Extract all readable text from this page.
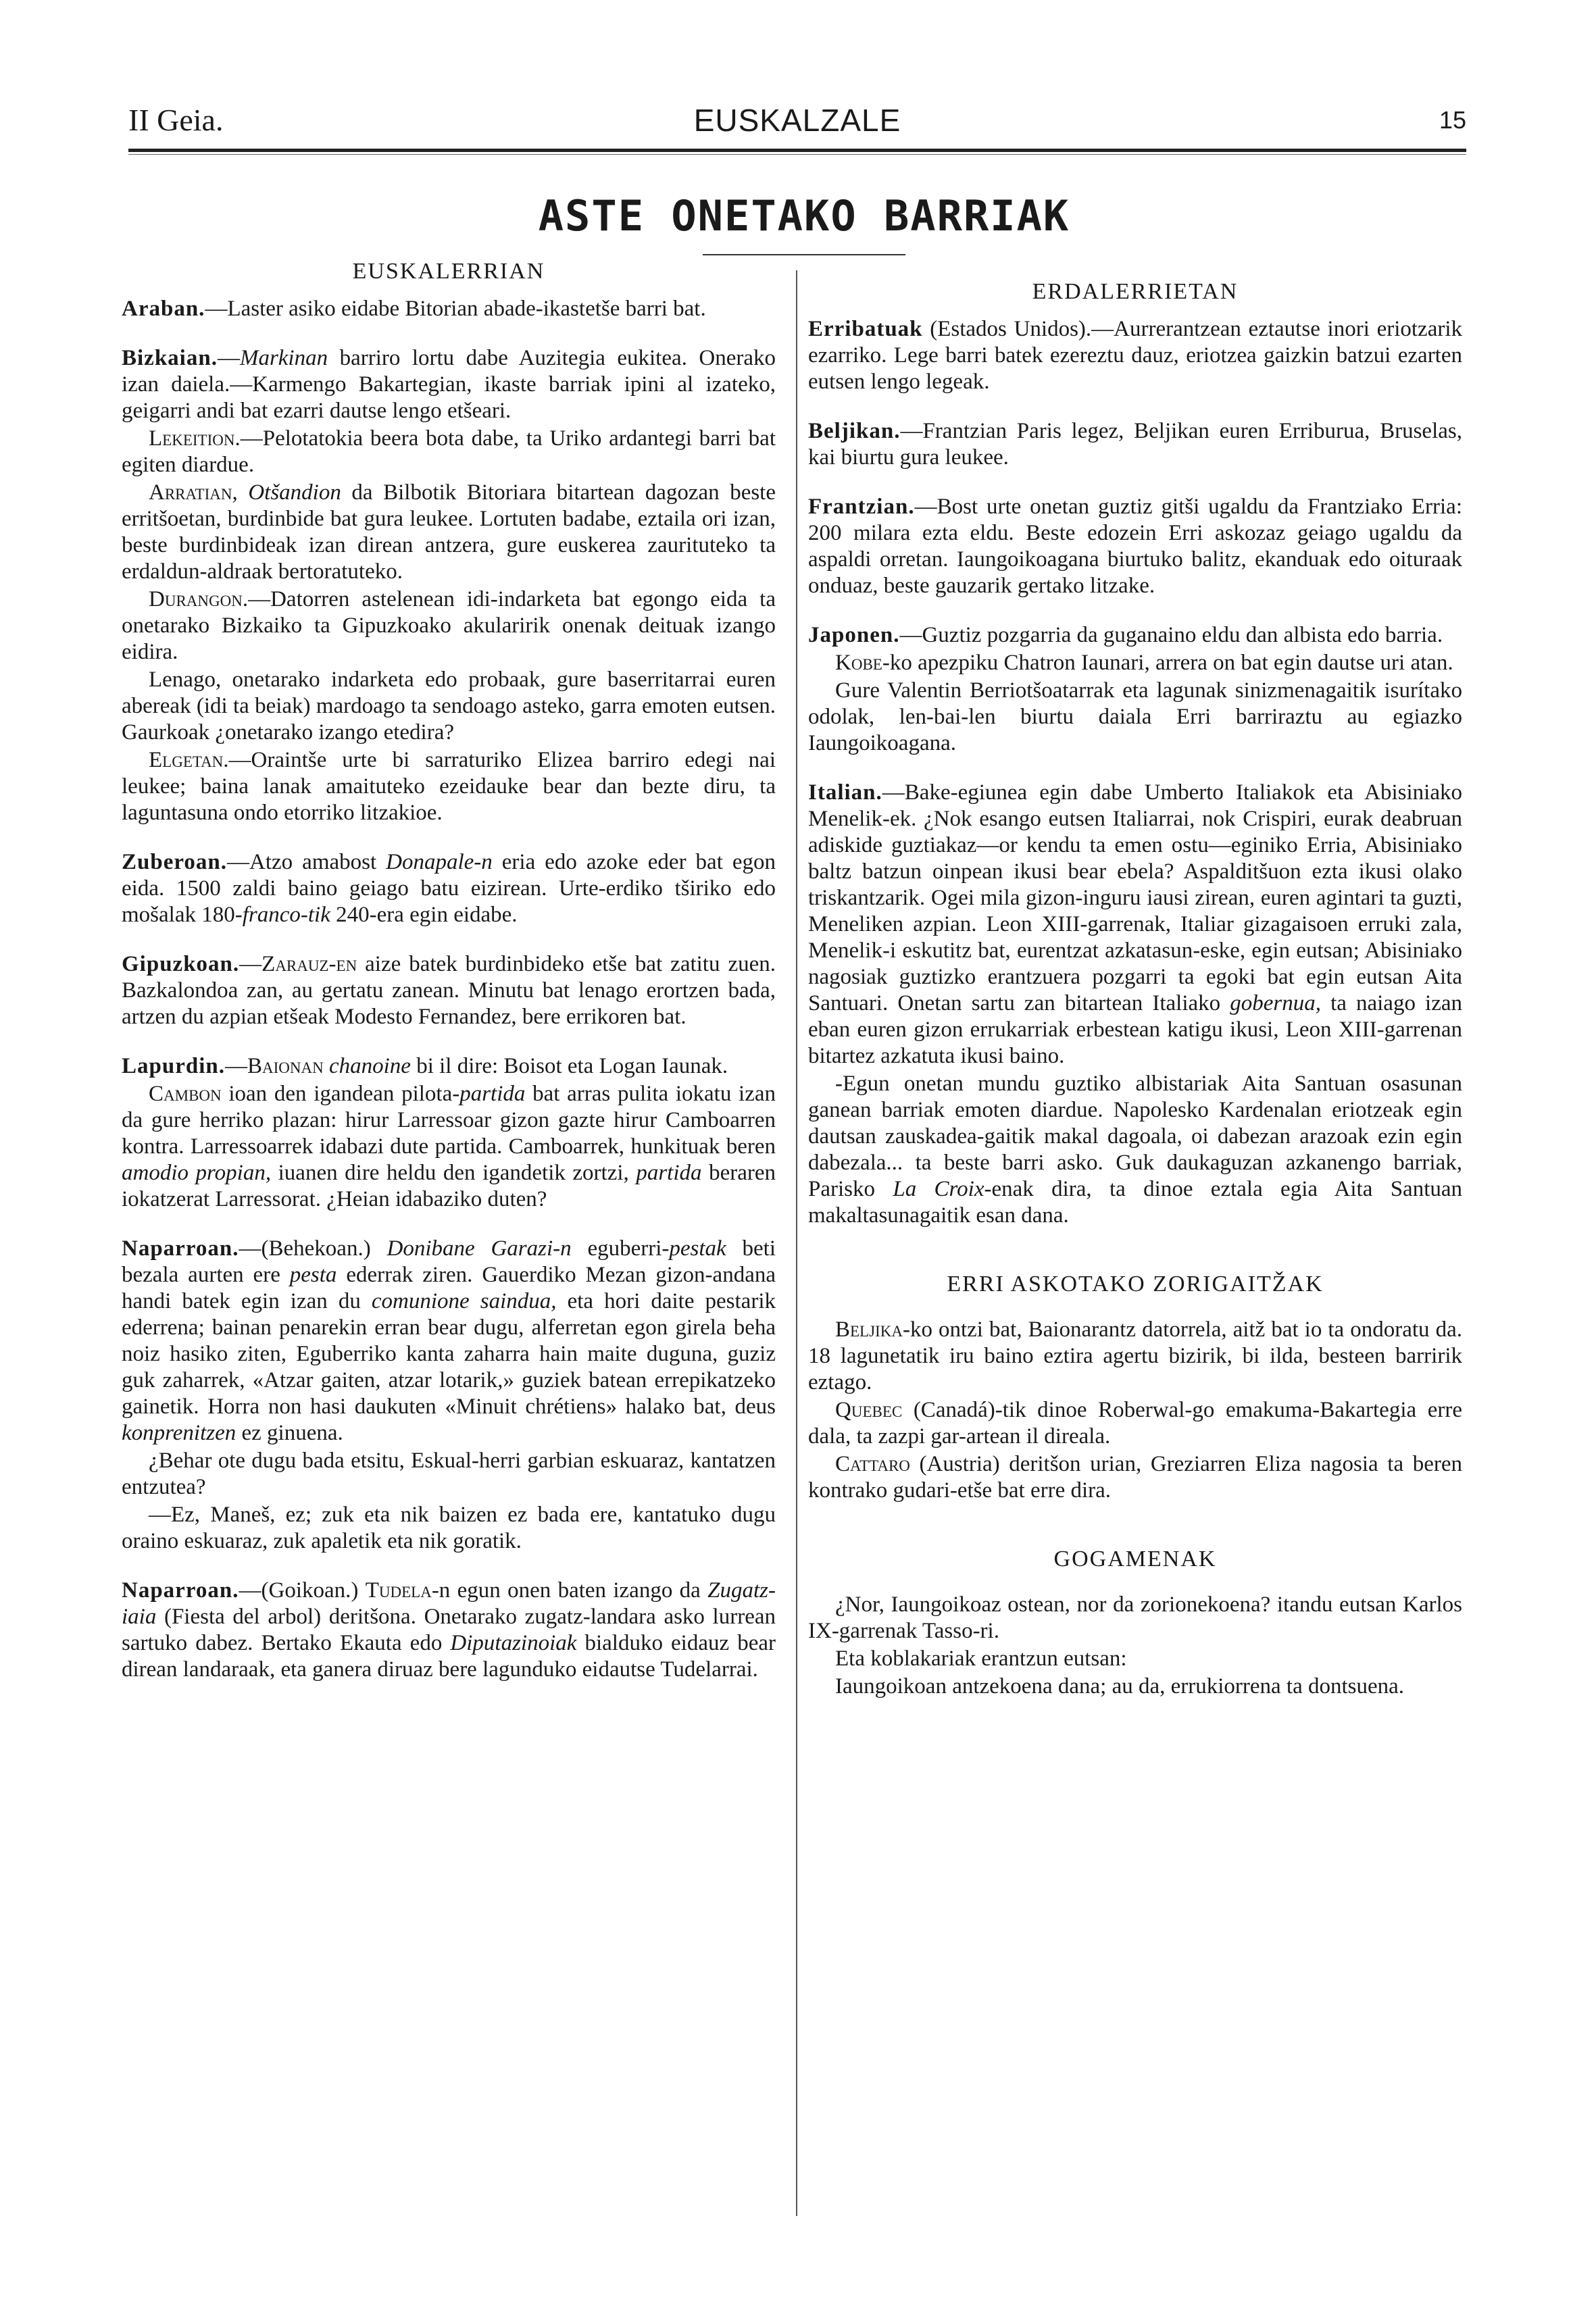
II Geia.	EUSKALZALE	15
ASTE ONETAKO BARRIAK
EUSKALERRIAN

Araban.—Laster asiko eidabe Bitorian abade-ikastetše barri bat.

Bizkaian.—Markinan barriro lortu dabe Auzitegia eukitea. Onerako izan daiela.—Karmengo Bakartegian, ikaste barriak ipini al izateko, geigarri andi bat ezarri dautse lengo etšeari.

Lekeition.—Pelotatokia beera bota dabe, ta Uriko ardantegi barri bat egiten diardue.

Arratian, Otšandion da Bilbotik Bitoriara bitartean dagozan beste erritšoetan, burdinbide bat gura leukee. Lortuten badabe, eztaila ori izan, beste burdinbideak izan direan antzera, gure euskerea zaurituteko ta erdaldun-aldraak bertoratuteko.

Durangon.—Datorren astelenean idi-indarketa bat egongo eida ta onetarako Bizkaiko ta Gipuzkoako akularirik onenak deituak izango eidira.

Lenago, onetarako indarketa edo probaak, gure baserritarrai euren abereak (idi ta beiak) mardoago ta sendoago asteko, garra emoten eutsen. Gaurkoak ¿onetarako izango etedira?

Elgetan.—Oraintše urte bi sarraturiko Elizea barriro edegi nai leukee; baina lanak amaituteko ezeidauke bear dan bezte diru, ta laguntasuna ondo etorriko litzakioe.

Zuberoan.—Atzo amabost Donapale-n eria edo azoke eder bat egon eida. 1500 zaldi baino geiago batu eizirean. Urte-erdiko tširiko edo mošalak 180-franco-tik 240-era egin eidabe.

Gipuzkoan.—Zarauz-en aize batek burdinbideko etše bat zatitu zuen. Bazkalondoa zan, au gertatu zanean. Minutu bat lenago erortzen bada, artzen du azpian etšeak Modesto Fernandez, bere errikoren bat.

Lapurdin.—Baionan chanoine bi il dire: Boisot eta Logan Iaunak.

Cambon ioan den igandean pilota-partida bat arras pulita iokatu izan da gure herriko plazan: hirur Larressoar gizon gazte hirur Camboarren kontra. Larressoarrek idabazi dute partida. Camboarrek, hunkituak beren amodio propian, iuanen dire heldu den igandetik zortzi, partida beraren iokatzerat Larressorat. ¿Heian idabaziko duten?

Naparroan.—(Behekoan.) Donibane Garazi-n eguberri-pestak beti bezala aurten ere pesta ederrak ziren. Gauerdiko Mezan gizon-andana handi batek egin izan du comunione saindua, eta hori daite pestarik ederrena; bainan penarekin erran bear dugu, alferretan egon girela beha noiz hasiko ziten, Eguberriko kanta zaharra hain maite duguna, guziz guk zaharrek, «Atzar gaiten, atzar lotarik,» guziek batean errepikatzeko gainetik. Horra non hasi daukuten «Minuit chrétiens» halako bat, deus konprenitzen ez ginuena.

¿Behar ote dugu bada etsitu, Eskual-herri garbian eskuaraz, kantatzen entzutea?

—Ez, Maneš, ez; zuk eta nik baizen ez bada ere, kantatuko dugu oraino eskuaraz, zuk apaletik eta nik goratik.

Naparroan.—(Goikoan.) Tudela-n egun onen baten izango da Zugatz-iaia (Fiesta del arbol) deritšona. Onetarako zugatz-landara asko lurrean sartuko dabez. Bertako Ekauta edo Diputazinoiak bialduko eidauz bear direan landaraak, eta ganera diruaz bere lagunduko eidautse Tudelarrai.

ERDALERRIETAN

Erribatuak (Estados Unidos).—Aurrerantzean eztautse inori eriotzarik ezarriko. Lege barri batek ezereztu dauz, eriotzea gaizkin batzui ezarten eutsen lengo legeak.

Beljikan.—Frantzian Paris legez, Beljikan euren Erriburua, Bruselas, kai biurtu gura leukee.

Frantzian.—Bost urte onetan guztiz gitši ugaldu da Frantziako Erria: 200 milara ezta eldu. Beste edozein Erri askozaz geiago ugaldu da aspaldi orretan. Iaungoikoagana biurtuko balitz, ekanduak edo oituraak onduaz, beste gauzarik gertako litzake.

Japonen.—Guztiz pozgarria da guganaino eldu dan albista edo barria.

Kobe-ko apezpiku Chatron Iaunari, arrera on bat egin dautse uri atan.

Gure Valentin Berriotšoatarrak eta lagunak sinizmenagaitik isurítako odolak, len-bai-len biurtu daiala Erri barriraztu au egiazko Iaungoikoagana.

Italian.—Bake-egiunea egin dabe Umberto Italiakok eta Abisiniako Menelik-ek. ¿Nok esango eutsen Italiarrai, nok Crispiri, eurak deabruan adiskide guztiakaz—or kendu ta emen ostu—eginiko Erria, Abisiniako baltz batzun oinpean ikusi bear ebela? Aspalditšuon ezta ikusi olako triskantzarik. Ogei mila gizon-inguru iausi zirean, euren agintari ta guzti, Meneliken azpian. Leon XIII-garrenak, Italiar gizagaisoen erruki zala, Menelik-i eskutitz bat, eurentzat azkatasun-eske, egin eutsan; Abisiniako nagosiak guztizko erantzuera pozgarri ta egoki bat egin eutsan Aita Santuari. Onetan sartu zan bitartean Italiako gobernua, ta naiago izan eban euren gizon errukarriak erbestean katigu ikusi, Leon XIII-garrenan bitartez azkatuta ikusi baino.

-Egun onetan mundu guztiko albistariak Aita Santuan osasunan ganean barriak emoten diardue. Napolesko Kardenalan eriotzeak egin dautsan zauskadea-gaitik makal dagoala, oi dabezan arazoak ezin egin dabezala... ta beste barri asko. Guk daukaguzan azkanengo barriak, Parisko La Croix-enak dira, ta dinoe eztala egia Aita Santuan makaltasunagaitik esan dana.

ERRI ASKOTAKO ZORIGAITŽAK

Beljika-ko ontzi bat, Baionarantz datorrela, aitž bat io ta ondoratu da. 18 lagunetatik iru baino eztira agertu bizirik, bi ilda, besteen barririk eztago.

Quebec (Canadá)-tik dinoe Roberwal-go emakuma-Bakartegia erre dala, ta zazpi gar-artean il direala.

Cattaro (Austria) deritšon urian, Greziarren Eliza nagosia ta beren kontrako gudari-etše bat erre dira.

GOGAMENAK

¿Nor, Iaungoikoaz ostean, nor da zorionekoena? itandu eutsan Karlos IX-garrenak Tasso-ri.

Eta koblakariak erantzun eutsan:

Iaungoikoan antzekoena dana; au da, errukiorrena ta dontsuena.
